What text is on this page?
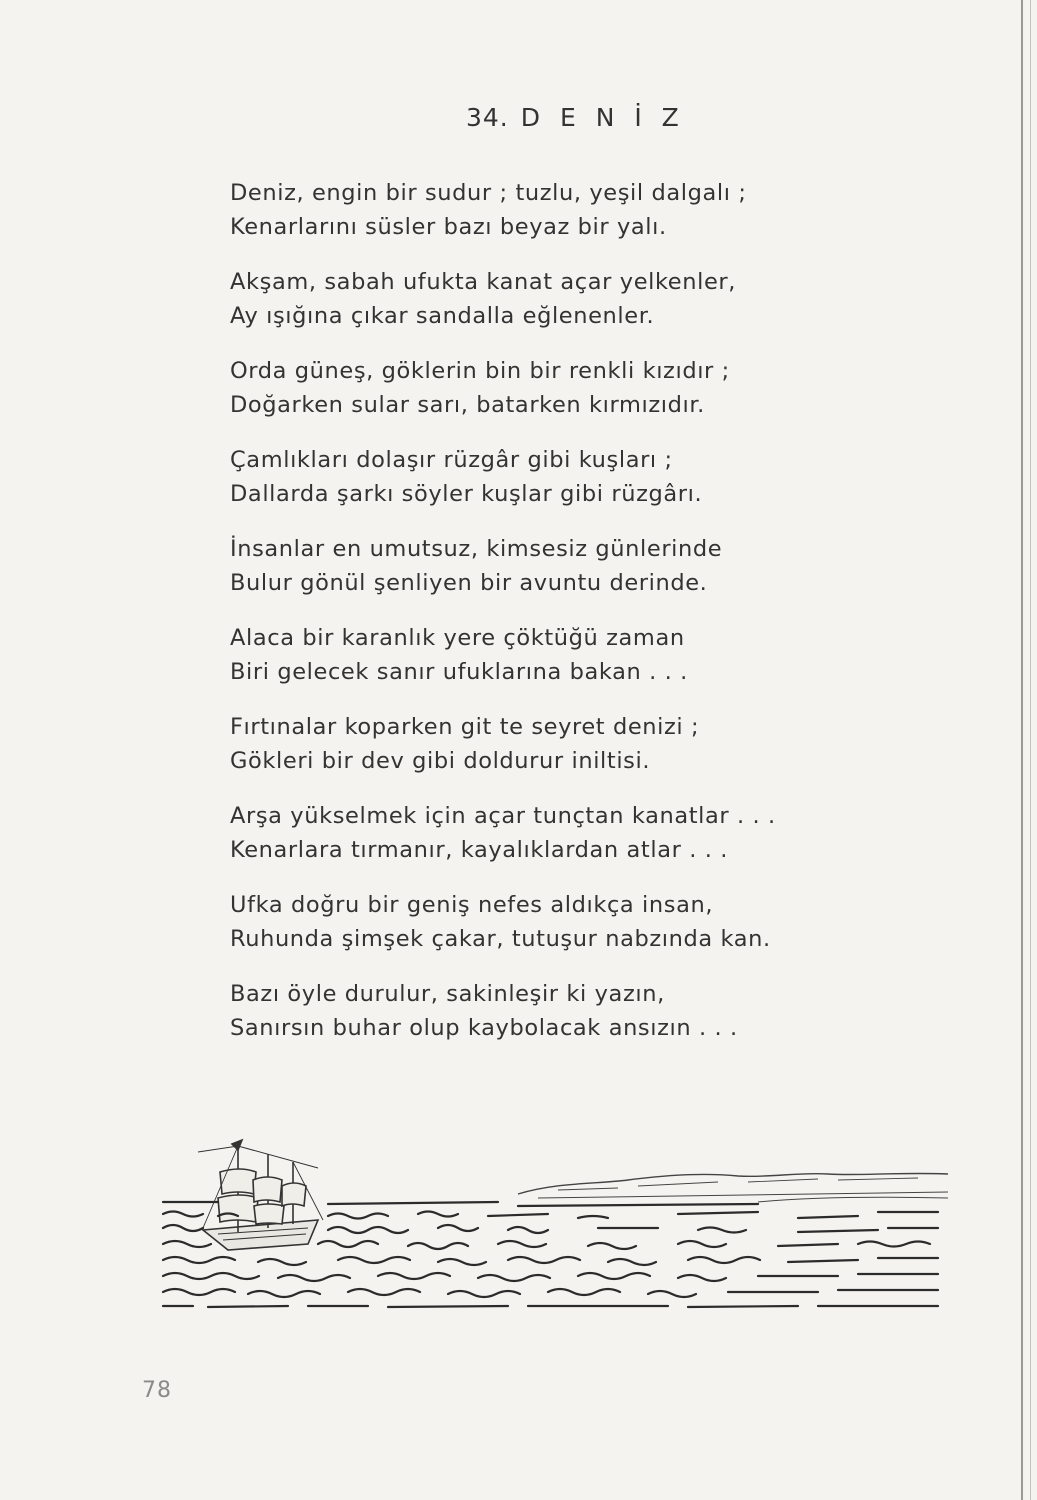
34. D E N İ Z
Deniz, engin bir sudur ; tuzlu, yeşil dalgalı ;
Kenarlarını süsler bazı beyaz bir yalı.
Akşam, sabah ufukta kanat açar yelkenler,
Ay ışığına çıkar sandalla eğlenenler.
Orda güneş, göklerin bin bir renkli kızıdır ;
Doğarken sular sarı, batarken kırmızıdır.
Çamlıkları dolaşır rüzgâr gibi kuşları ;
Dallarda şarkı söyler kuşlar gibi rüzgârı.
İnsanlar en umutsuz, kimsesiz günlerinde
Bulur gönül şenliyen bir avuntu derinde.
Alaca bir karanlık yere çöktüğü zaman
Biri gelecek sanır ufuklarına bakan . . .
Fırtınalar koparken git te seyret denizi ;
Gökleri bir dev gibi doldurur iniltisi.
Arşa yükselmek için açar tunçtan kanatlar . . .
Kenarlara tırmanır, kayalıklardan atlar . . .
Ufka doğru bir geniş nefes aldıkça insan,
Ruhunda şimşek çakar, tutuşur nabzında kan.
Bazı öyle durulur, sakinleşir ki yazın,
Sanırsın buhar olup kaybolacak ansızın . . .
78
